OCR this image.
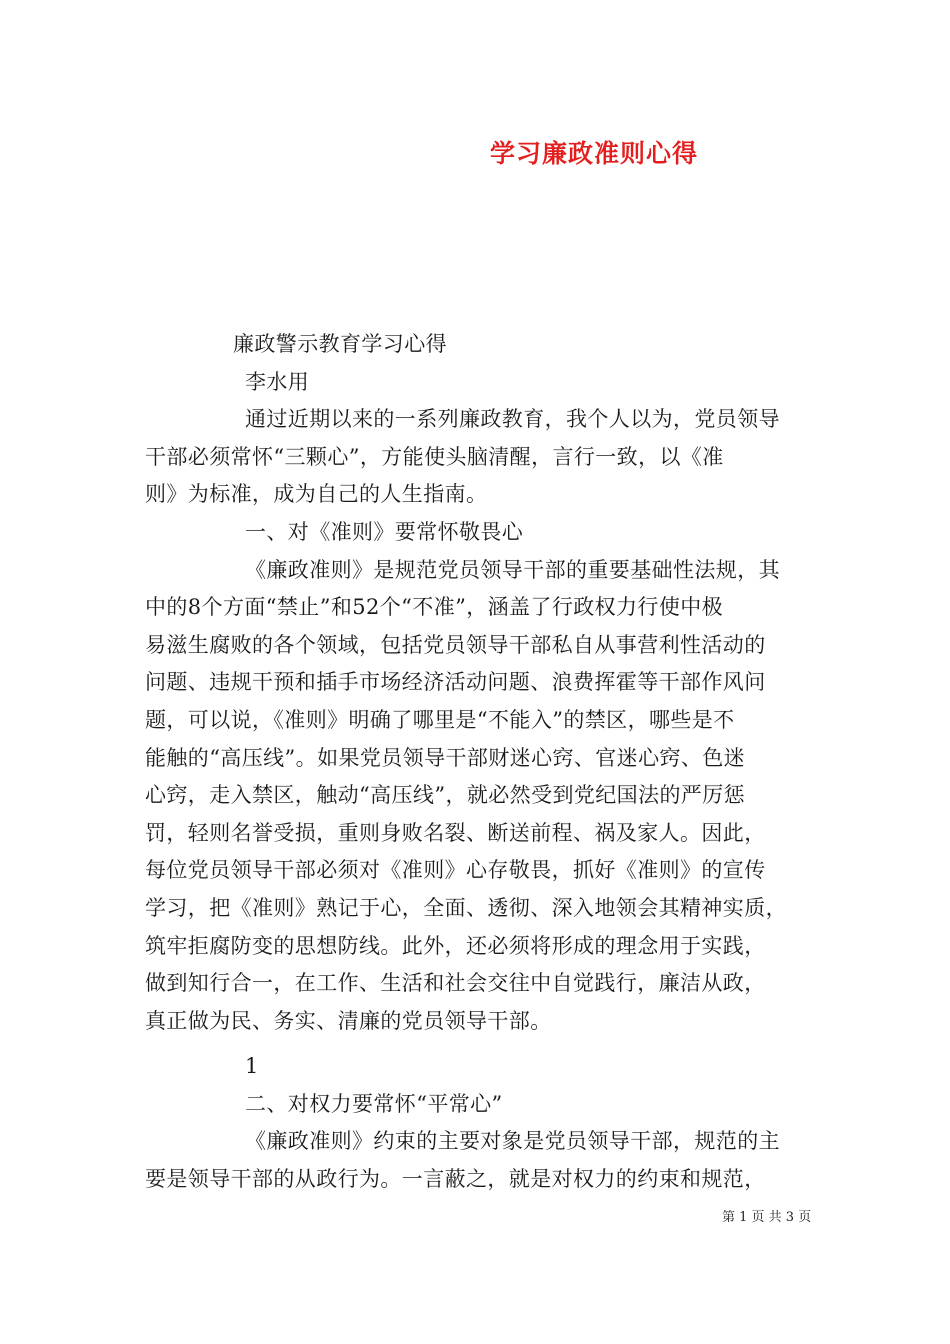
学习廉政准则心得
廉政警示教育学习心得
李水用
通过近期以来的一系列廉政教育，我个人以为，党员领导
干部必须常怀“三颗心”，方能使头脑清醒，言行一致，以《准
则》为标准，成为自己的人生指南。
一、对《准则》要常怀敬畏心
《廉政准则》是规范党员领导干部的重要基础性法规，其
中的8个方面“禁止”和52个“不准”，涵盖了行政权力行使中极
易滋生腐败的各个领域，包括党员领导干部私自从事营利性活动的
问题、违规干预和插手市场经济活动问题、浪费挥霍等干部作风问
题，可以说，《准则》明确了哪里是“不能入”的禁区，哪些是不
能触的“高压线”。如果党员领导干部财迷心窍、官迷心窍、色迷
心窍，走入禁区，触动“高压线”，就必然受到党纪国法的严厉惩
罚，轻则名誉受损，重则身败名裂、断送前程、祸及家人。因此，
每位党员领导干部必须对《准则》心存敬畏，抓好《准则》的宣传
学习，把《准则》熟记于心，全面、透彻、深入地领会其精神实质，
筑牢拒腐防变的思想防线。此外，还必须将形成的理念用于实践，
做到知行合一，在工作、生活和社会交往中自觉践行，廉洁从政，
真正做为民、务实、清廉的党员领导干部。
1
二、对权力要常怀“平常心”
《廉政准则》约束的主要对象是党员领导干部，规范的主
要是领导干部的从政行为。一言蔽之，就是对权力的约束和规范，
第 1 页 共 3 页
